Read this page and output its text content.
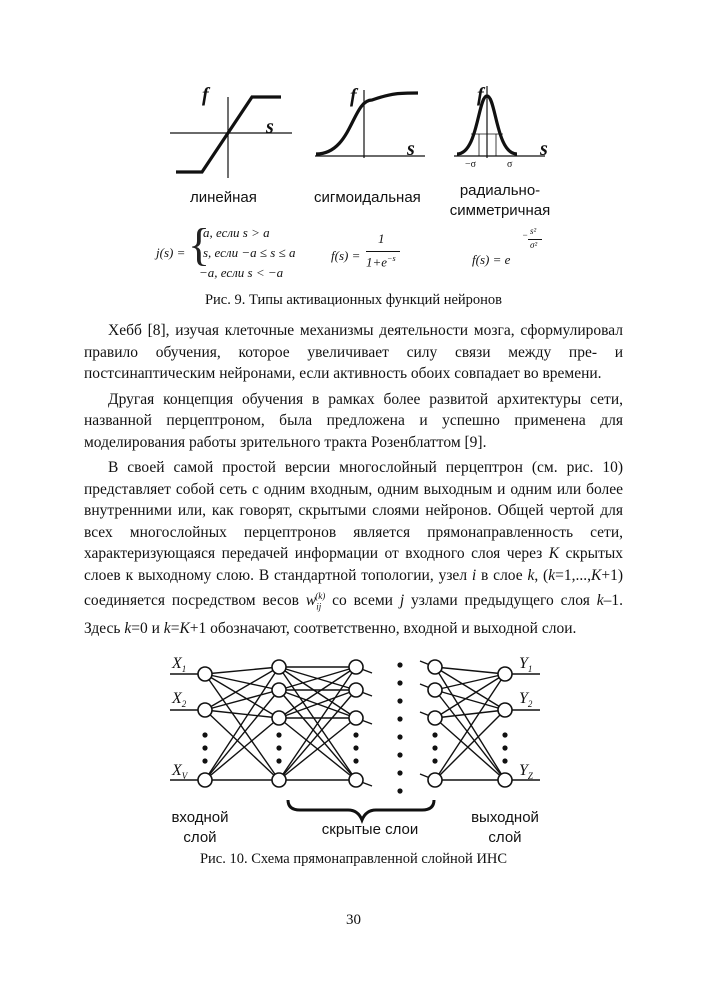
f
s
f
s
f
s
−σ	σ
линейная	сигмоидальная	радиально-
симметричная
j(s) = {
a, если s > a
s, если −a ≤ s ≤ a
−a, если s < −a
f(s) =
1
$1+e^{-s}$	f(s) = e
− s²
σ²
Рис. 9. Типы активационных функций нейронов

Хебб [8], изучая клеточные механизмы деятельности мозга, сформулировал правило обучения, которое увеличивает силу связи между пре- и постсинаптическим нейронами, если активность обоих совпадает во времени.

Другая концепция обучения в рамках более развитой архитектуры сети, названной перцептроном, была предложена и успешно применена для моделирования работы зрительного тракта Розенблаттом [9].

В своей самой простой версии многослойный перцептрон (см. рис. 10) представляет собой сеть с одним входным, одним выходным и одним или более внутренними или, как говорят, скрытыми слоями нейронов. Общей чертой для всех многослойных перцептронов является прямонаправленность сети, характеризующаяся передачей информации от входного слоя через K скрытых слоев к выходному слою. В стандартной топологии, узел i в слое k, (k=1,...,K+1) соединяется посредством весов $w_{ij}^{(k)}$ со всеми j узлами предыдущего слоя k–1. Здесь k=0 и k=K+1 обозначают, соответственно, входной и выходной слои.

$X_1$
$X_2$
$X_V$
$Y_1$
$Y_2$
$Y_Z$
входной
слой	скрытые слои
выходной
слой
Рис. 10. Схема прямонаправленной слойной ИНС
30
